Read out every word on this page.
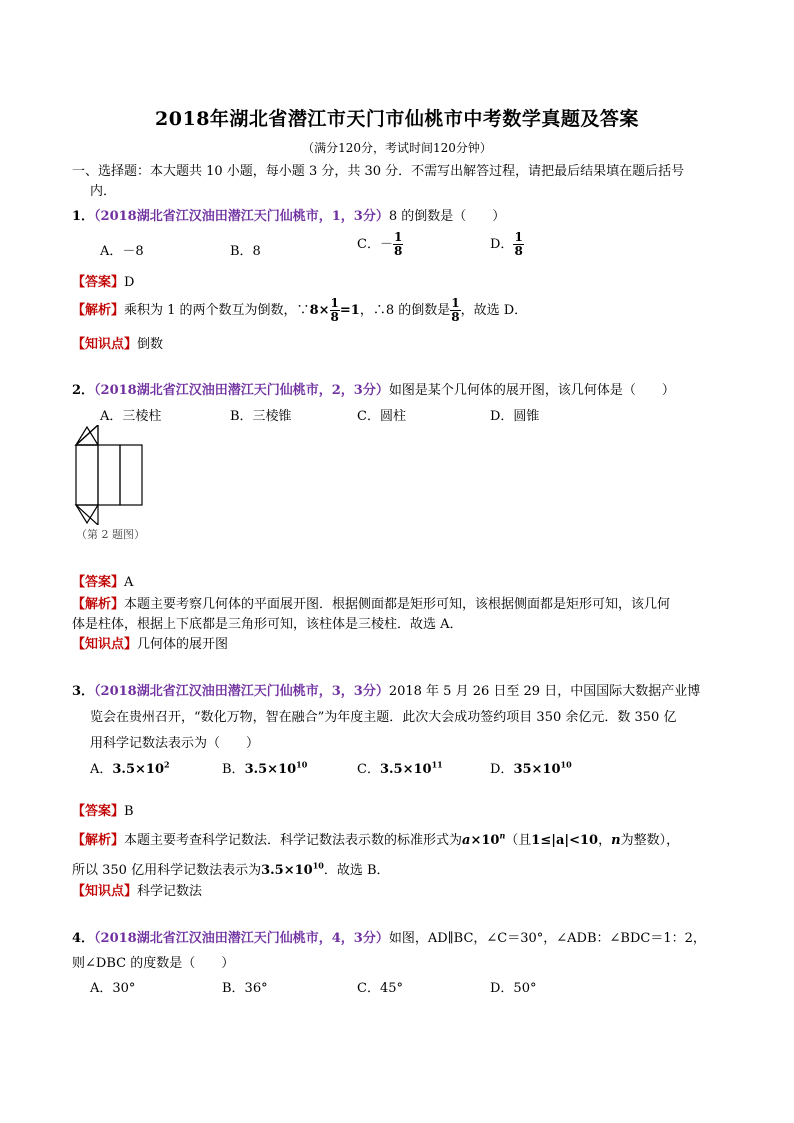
2018年湖北省潜江市天门市仙桃市中考数学真题及答案
（满分120分，考试时间120分钟）
一、选择题：本大题共 10 小题，每小题 3 分，共 30 分．不需写出解答过程，请把最后结果填在题后括号
内．
1．（2018湖北省江汉油田潜江天门仙桃市，1，3分）8 的倒数是（　　）
A．－8	B．8	C．－ $\frac{1}{8}$	D． $\frac{1}{8}$
【答案】D
【解析】乘积为 1 的两个数互为倒数，∵8× $\frac{1}{8} =1$，∴8 的倒数是 $\frac{1}{8}$ ，故选 D．
【知识点】倒数
2．（2018湖北省江汉油田潜江天门仙桃市，2，3分）如图是某个几何体的展开图，该几何体是（　　）
A．三棱柱	B．三棱锥	C．圆柱	D．圆锥
（第 2 题图）
【答案】A
【解析】本题主要考察几何体的平面展开图．根据侧面都是矩形可知，该根据侧面都是矩形可知，该几何
体是柱体，根据上下底都是三角形可知，该柱体是三棱柱．故选 A．
【知识点】几何体的展开图
3．（2018湖北省江汉油田潜江天门仙桃市，3，3分）2018 年 5 月 26 日至 29 日，中国国际大数据产业博
览会在贵州召开，“数化万物，智在融合”为年度主题．此次大会成功签约项目 350 余亿元．数 350 亿
用科学记数法表示为（　　）
A．$3.5\times 10^2$	B．$3.5\times 10^{10}$	C．$3.5\times 10^{11}$	D．$35\times 10^{10}$
【答案】B
【解析】本题主要考查科学记数法．科学记数法表示数的标准形式为$a\times 10^n$（且1≤|a|<10，n为整数），
所以 350 亿用科学记数法表示为$3.5\times 10^{10}$．故选 B．
【知识点】科学记数法
4．（2018湖北省江汉油田潜江天门仙桃市，4，3分）如图，AD∥BC，∠C＝30°，∠ADB：∠BDC＝1：2，
则∠DBC 的度数是（　　）
A．30°	B．36°	C．45°	D．50°
